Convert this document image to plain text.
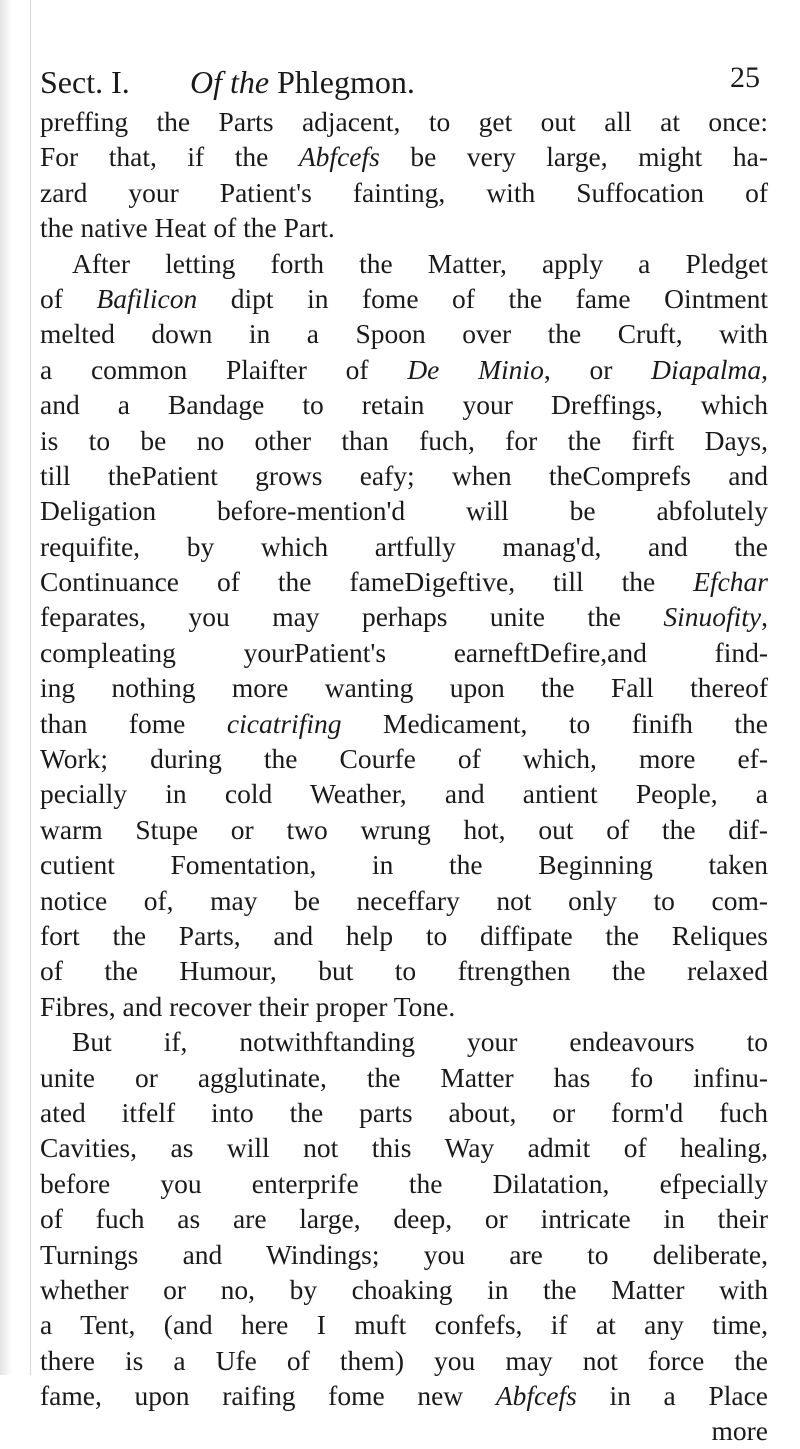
Sect. I. Of the Phlegmon.	25
preffing the Parts adjacent, to get out all at once:
For that, if the Abfcefs be very large, might ha-
zard your Patient's fainting, with Suffocation of
the native Heat of the Part.
After letting forth the Matter, apply a Pledget
of Bafilicon dipt in fome of the fame Ointment
melted down in a Spoon over the Cruft, with
a common Plaifter of De Minio, or Diapalma,
and a Bandage to retain your Dreffings, which
is to be no other than fuch, for the firft Days,
till thePatient grows eafy; when theComprefs and
Deligation before-mention'd will be abfolutely
requifite, by which artfully manag'd, and the
Continuance of the fameDigeftive, till the Efchar
feparates, you may perhaps unite the Sinuofity,
compleating yourPatient's earneftDefire,and find-
ing nothing more wanting upon the Fall thereof
than fome cicatrifing Medicament, to finifh the
Work; during the Courfe of which, more ef-
pecially in cold Weather, and antient People, a
warm Stupe or two wrung hot, out of the dif-
cutient Fomentation, in the Beginning taken
notice of, may be neceffary not only to com-
fort the Parts, and help to diffipate the Reliques
of the Humour, but to ftrengthen the relaxed
Fibres, and recover their proper Tone.
But if, notwithftanding your endeavours to
unite or agglutinate, the Matter has fo infinu-
ated itfelf into the parts about, or form'd fuch
Cavities, as will not this Way admit of healing,
before you enterprife the Dilatation, efpecially
of fuch as are large, deep, or intricate in their
Turnings and Windings; you are to deliberate,
whether or no, by choaking in the Matter with
a Tent, (and here I muft confefs, if at any time,
there is a Ufe of them) you may not force the
fame, upon raifing fome new Abfcefs in a Place
more
